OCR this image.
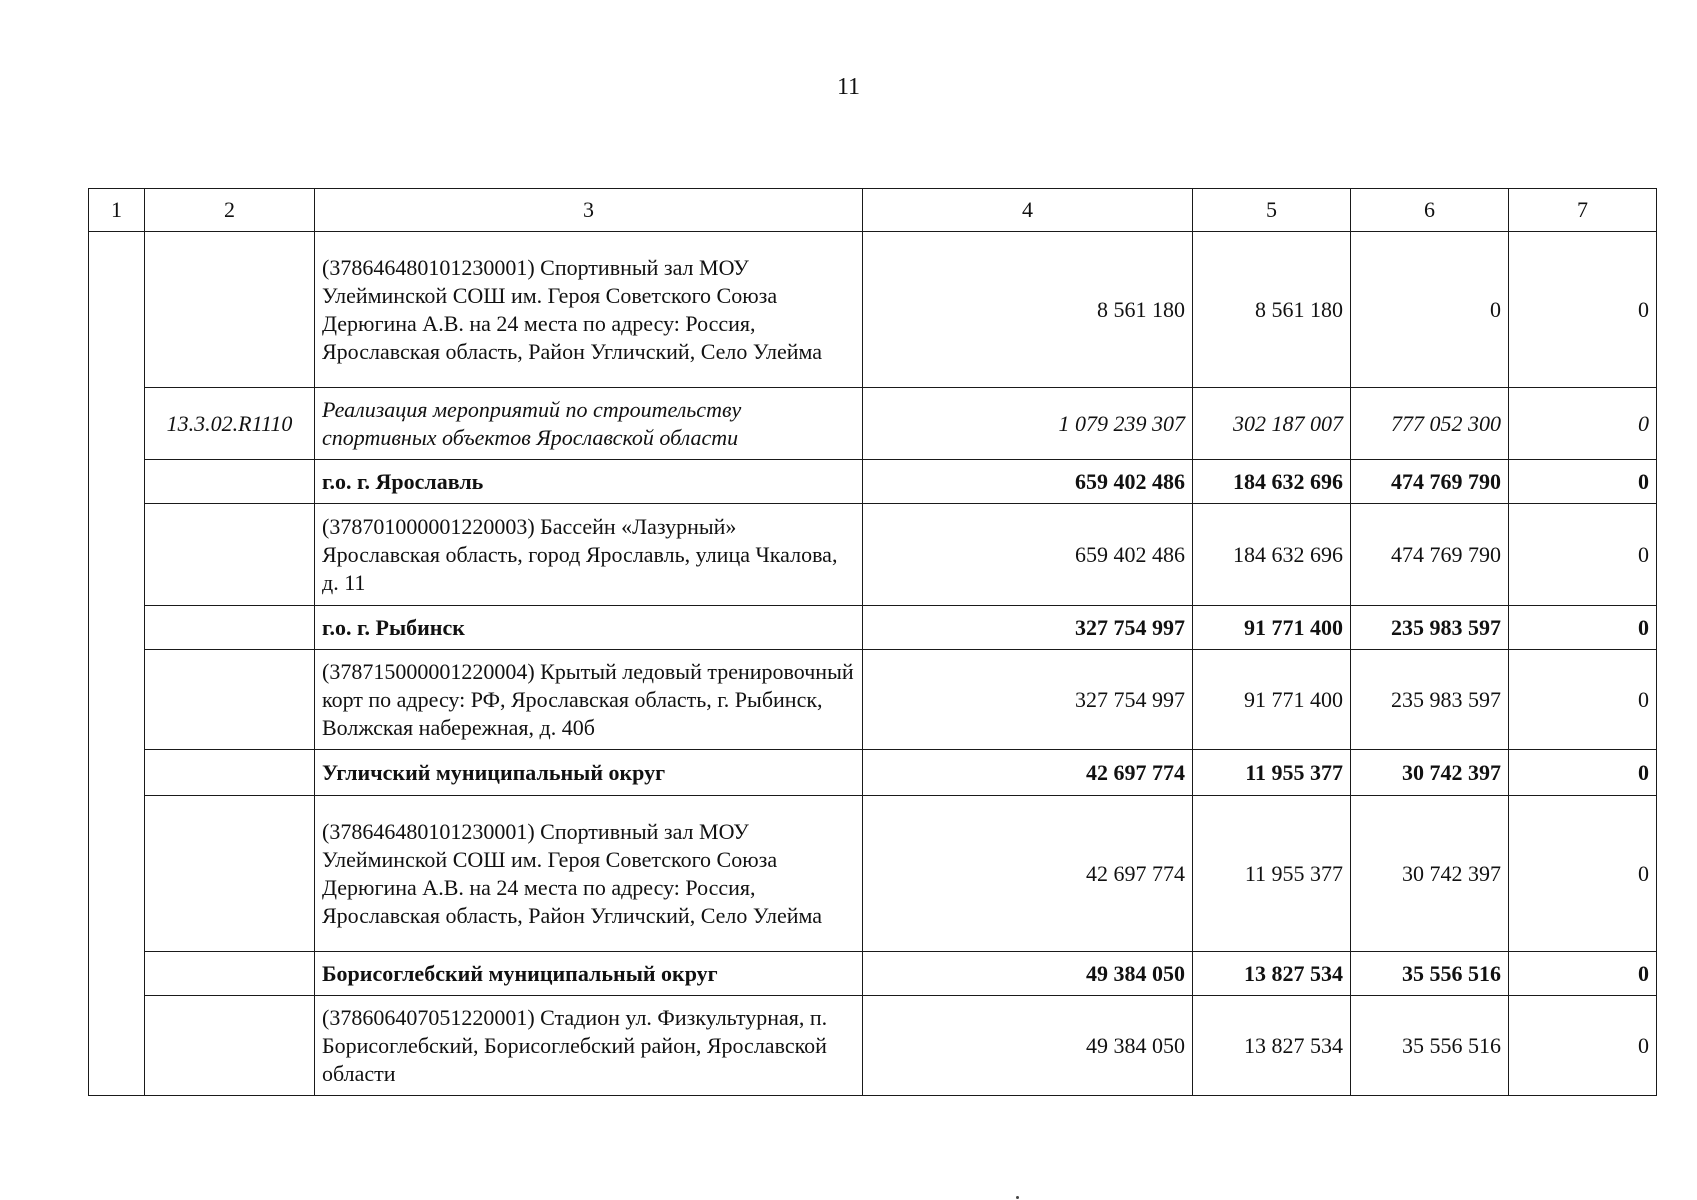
11
1	2	3	4	5	6	7
		(378646480101230001) Спортивный зал МОУ Улейминской СОШ им. Героя Советского Союза Дерюгина А.В. на 24 места по адресу: Россия, Ярославская область, Район Угличский, Село Улейма	8 561 180	8 561 180	0	0
	13.3.02.R1110	Реализация мероприятий по строительству спортивных объектов Ярославской области	1 079 239 307	302 187 007	777 052 300	0
		г.о. г. Ярославль	659 402 486	184 632 696	474 769 790	0
		(378701000001220003) Бассейн «Лазурный» Ярославская область, город Ярославль, улица Чкалова, д. 11	659 402 486	184 632 696	474 769 790	0
		г.о. г. Рыбинск	327 754 997	91 771 400	235 983 597	0
		(378715000001220004) Крытый ледовый тренировочный корт по адресу: РФ, Ярославская область, г. Рыбинск, Волжская набережная, д. 40б	327 754 997	91 771 400	235 983 597	0
		Угличский муниципальный округ	42 697 774	11 955 377	30 742 397	0
		(378646480101230001) Спортивный зал МОУ Улейминской СОШ им. Героя Советского Союза Дерюгина А.В. на 24 места по адресу: Россия, Ярославская область, Район Угличский, Село Улейма	42 697 774	11 955 377	30 742 397	0
		Борисоглебский муниципальный округ	49 384 050	13 827 534	35 556 516	0
		(378606407051220001) Стадион ул. Физкультурная, п. Борисоглебский, Борисоглебский район, Ярославской области	49 384 050	13 827 534	35 556 516	0
